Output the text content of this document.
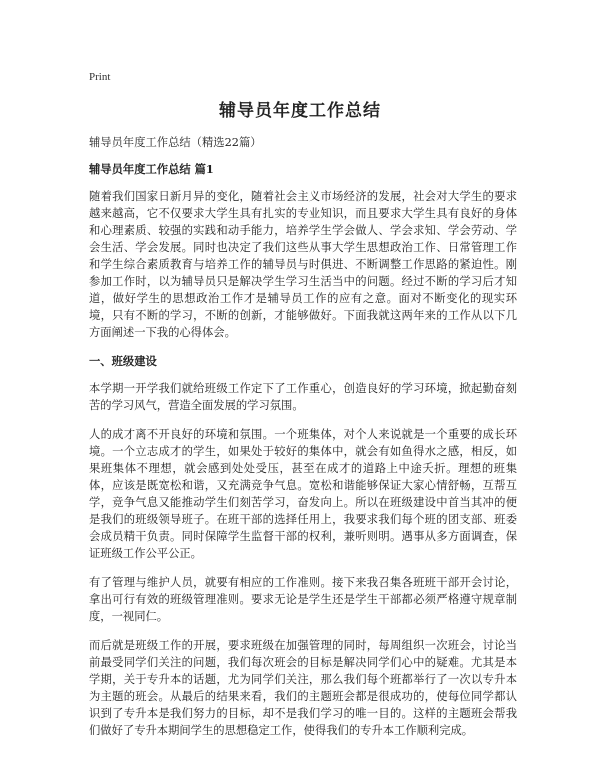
Print
辅导员年度工作总结

辅导员年度工作总结（精选22篇）

辅导员年度工作总结 篇1

随着我们国家日新月异的变化，随着社会主义市场经济的发展，社会对大学生的要求越来越高，它不仅要求大学生具有扎实的专业知识，而且要求大学生具有良好的身体和心理素质、较强的实践和动手能力，培养学生学会做人、学会求知、学会劳动、学会生活、学会发展。同时也决定了我们这些从事大学生思想政治工作、日常管理工作和学生综合素质教育与培养工作的辅导员与时俱进、不断调整工作思路的紧迫性。刚参加工作时，以为辅导员只是解决学生学习生活当中的问题。经过不断的学习后才知道，做好学生的思想政治工作才是辅导员工作的应有之意。面对不断变化的现实环境，只有不断的学习，不断的创新，才能够做好。下面我就这两年来的工作从以下几方面阐述一下我的心得体会。

一、班级建设

本学期一开学我们就给班级工作定下了工作重心，创造良好的学习环境，掀起勤奋刻苦的学习风气，营造全面发展的学习氛围。

人的成才离不开良好的环境和氛围。一个班集体，对个人来说就是一个重要的成长环境。一个立志成才的学生，如果处于较好的集体中，就会有如鱼得水之感，相反，如果班集体不理想，就会感到处处受压，甚至在成才的道路上中途夭折。理想的班集体，应该是既宽松和谐，又充满竞争气息。宽松和谐能够保证大家心情舒畅，互帮互学，竞争气息又能推动学生们刻苦学习，奋发向上。所以在班级建设中首当其冲的便是我们的班级领导班子。在班干部的选择任用上，我要求我们每个班的团支部、班委会成员精干负责。同时保障学生监督干部的权利，兼听则明。遇事从多方面调查，保证班级工作公平公正。

有了管理与维护人员，就要有相应的工作准则。接下来我召集各班班干部开会讨论，拿出可行有效的班级管理准则。要求无论是学生还是学生干部都必须严格遵守规章制度，一视同仁。

而后就是班级工作的开展，要求班级在加强管理的同时，每周组织一次班会，讨论当前最受同学们关注的问题，我们每次班会的目标是解决同学们心中的疑难。尤其是本学期，关于专升本的话题，尤为同学们关注，那么我们每个班都举行了一次以专升本为主题的班会。从最后的结果来看，我们的主题班会都是很成功的，使每位同学都认识到了专升本是我们努力的目标，却不是我们学习的唯一目的。这样的主题班会帮我们做好了专升本期间学生的思想稳定工作，使得我们的专升本工作顺利完成。
